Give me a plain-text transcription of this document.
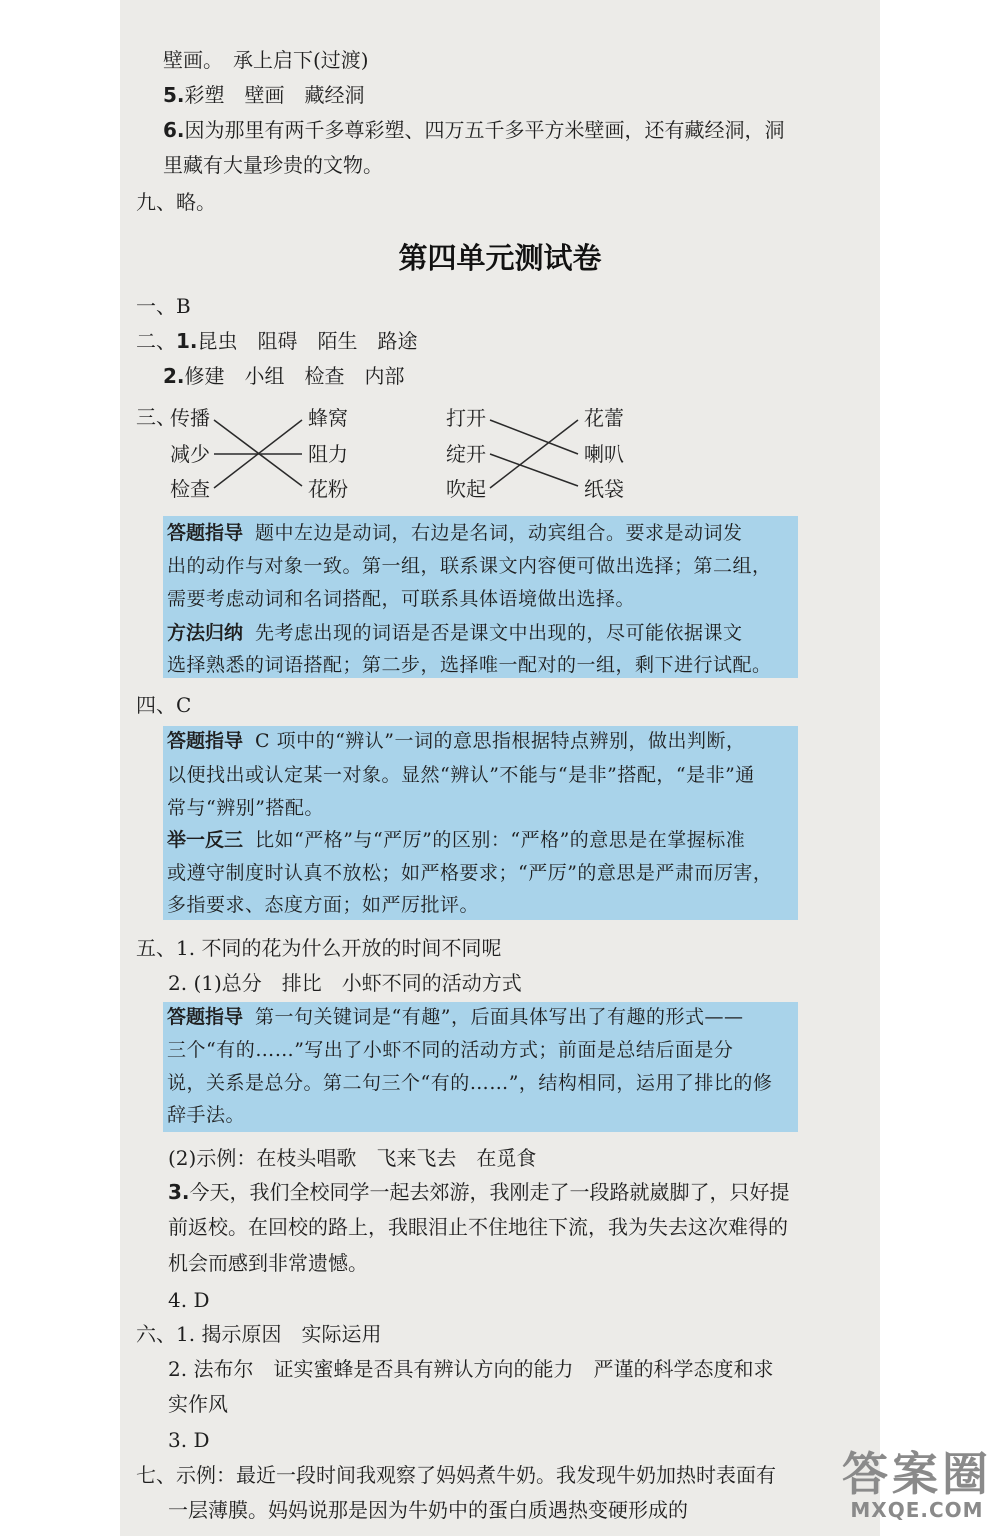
壁画。　承上启下(过渡)
5.彩塑　壁画　藏经洞
6.因为那里有两千多尊彩塑、四万五千多平方米壁画，还有藏经洞，洞
里藏有大量珍贵的文物。
九、略。
第四单元测试卷
一、B
二、1.昆虫　阻碍　陌生　路途
2.修建　小组　检查　内部
三、
传播
减少
检查
蜂窝
阻力
花粉
打开
绽开
吹起
花蕾
喇叭
纸袋
答题指导 题中左边是动词，右边是名词，动宾组合。要求是动词发
出的动作与对象一致。第一组，联系课文内容便可做出选择；第二组，
需要考虑动词和名词搭配，可联系具体语境做出选择。
方法归纳 先考虑出现的词语是否是课文中出现的，尽可能依据课文
选择熟悉的词语搭配；第二步，选择唯一配对的一组，剩下进行试配。
四、C
答题指导 C 项中的“辨认”一词的意思指根据特点辨别，做出判断，
以便找出或认定某一对象。显然“辨认”不能与“是非”搭配，“是非”通
常与“辨别”搭配。
举一反三 比如“严格”与“严厉”的区别：“严格”的意思是在掌握标准
或遵守制度时认真不放松；如严格要求；“严厉”的意思是严肃而厉害，
多指要求、态度方面；如严厉批评。
五、1. 不同的花为什么开放的时间不同呢
2. (1)总分　排比　小虾不同的活动方式
答题指导 第一句关键词是“有趣”，后面具体写出了有趣的形式——
三个“有的……”写出了小虾不同的活动方式；前面是总结后面是分
说，关系是总分。第二句三个“有的……”，结构相同，运用了排比的修
辞手法。
(2)示例：在枝头唱歌　飞来飞去　在觅食
3.今天，我们全校同学一起去郊游，我刚走了一段路就崴脚了，只好提
前返校。在回校的路上，我眼泪止不住地往下流，我为失去这次难得的
机会而感到非常遗憾。
4. D
六、1. 揭示原因　实际运用
2. 法布尔　证实蜜蜂是否具有辨认方向的能力　严谨的科学态度和求
实作风
3. D
七、示例：最近一段时间我观察了妈妈煮牛奶。我发现牛奶加热时表面有
一层薄膜。妈妈说那是因为牛奶中的蛋白质遇热变硬形成的
答案圈
MXQE.COM
